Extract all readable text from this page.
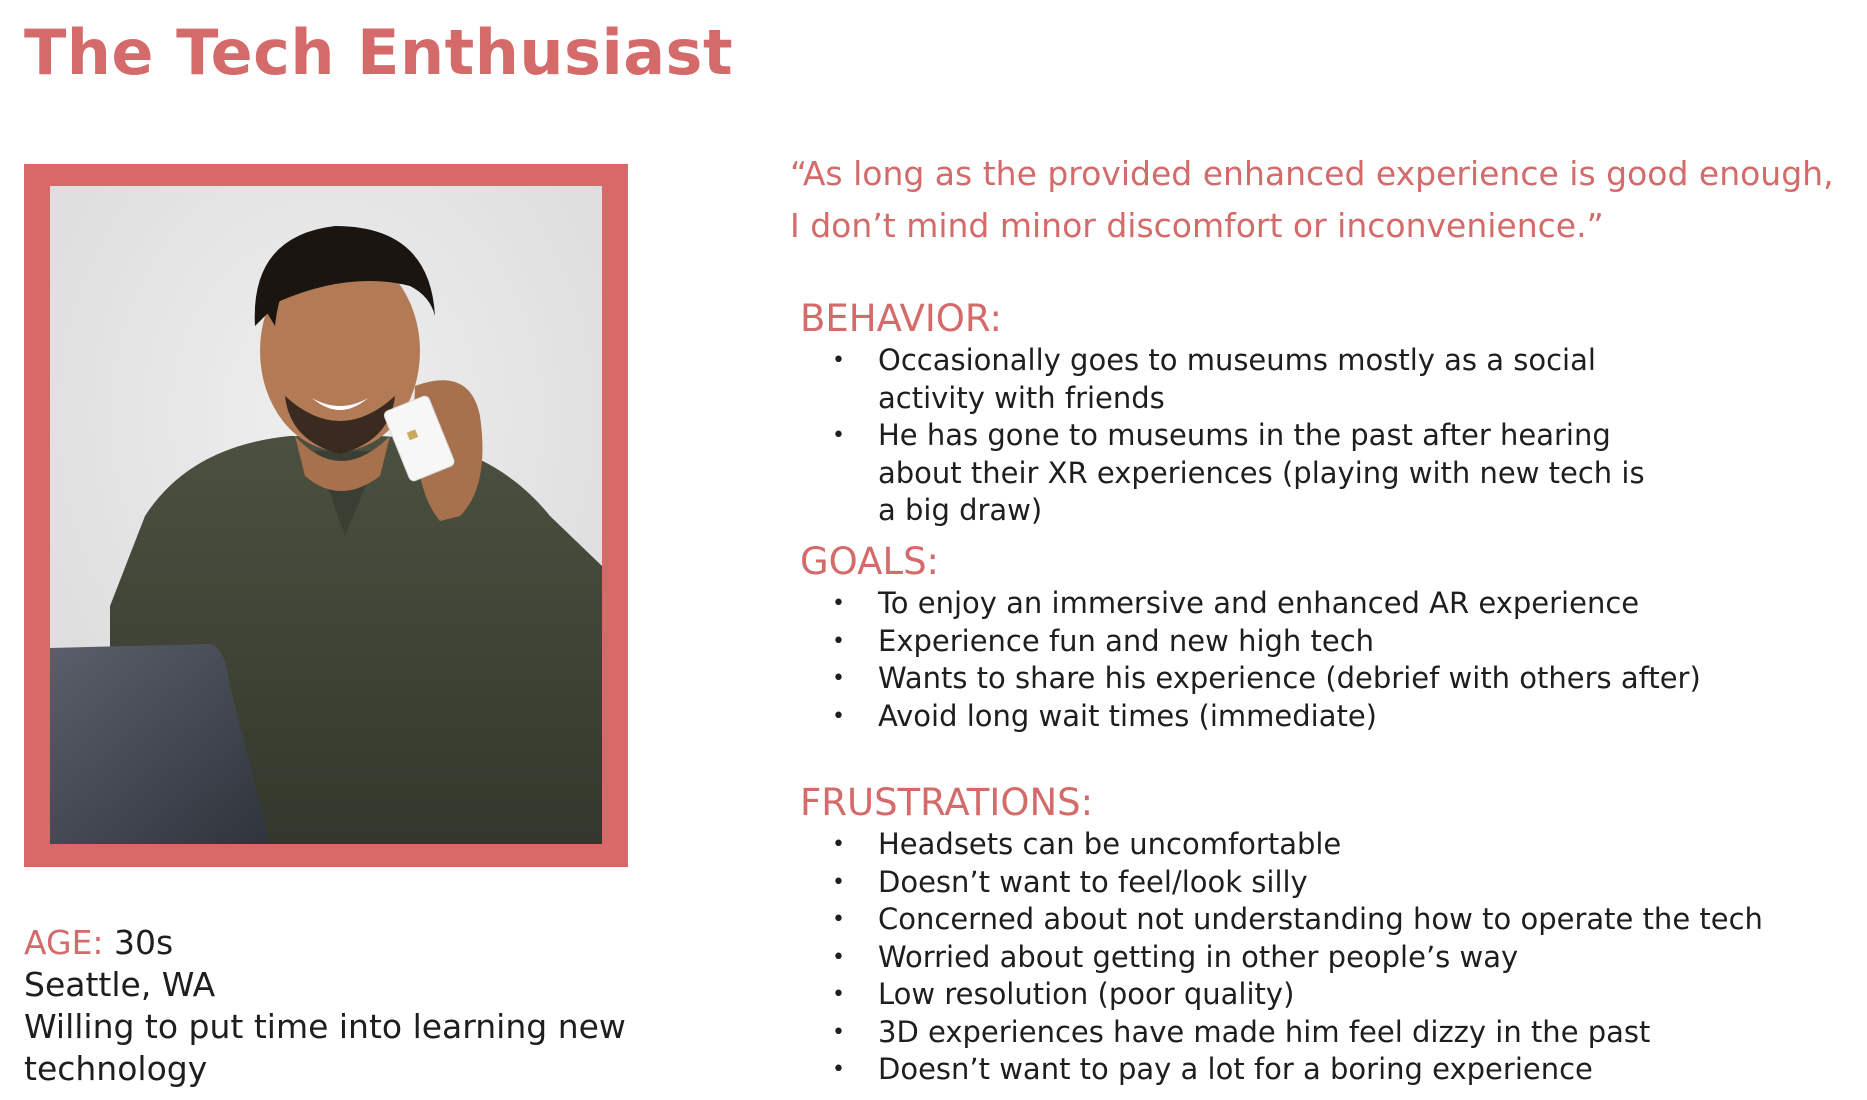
The Tech Enthusiast
AGE: 30s
Seattle, WA
Willing to put time into learning new technology

“As long as the provided enhanced experience is good enough, I don’t mind minor discomfort or inconvenience.”

BEHAVIOR:
• Occasionally goes to museums mostly as a social activity with friends
• He has gone to museums in the past after hearing about their XR experiences (playing with new tech is a big draw)
GOALS:
• To enjoy an immersive and enhanced AR experience
• Experience fun and new high tech
• Wants to share his experience (debrief with others after)
• Avoid long wait times (immediate)
FRUSTRATIONS:
• Headsets can be uncomfortable
• Doesn’t want to feel/look silly
• Concerned about not understanding how to operate the tech
• Worried about getting in other people’s way
• Low resolution (poor quality)
• 3D experiences have made him feel dizzy in the past
• Doesn’t want to pay a lot for a boring experience
